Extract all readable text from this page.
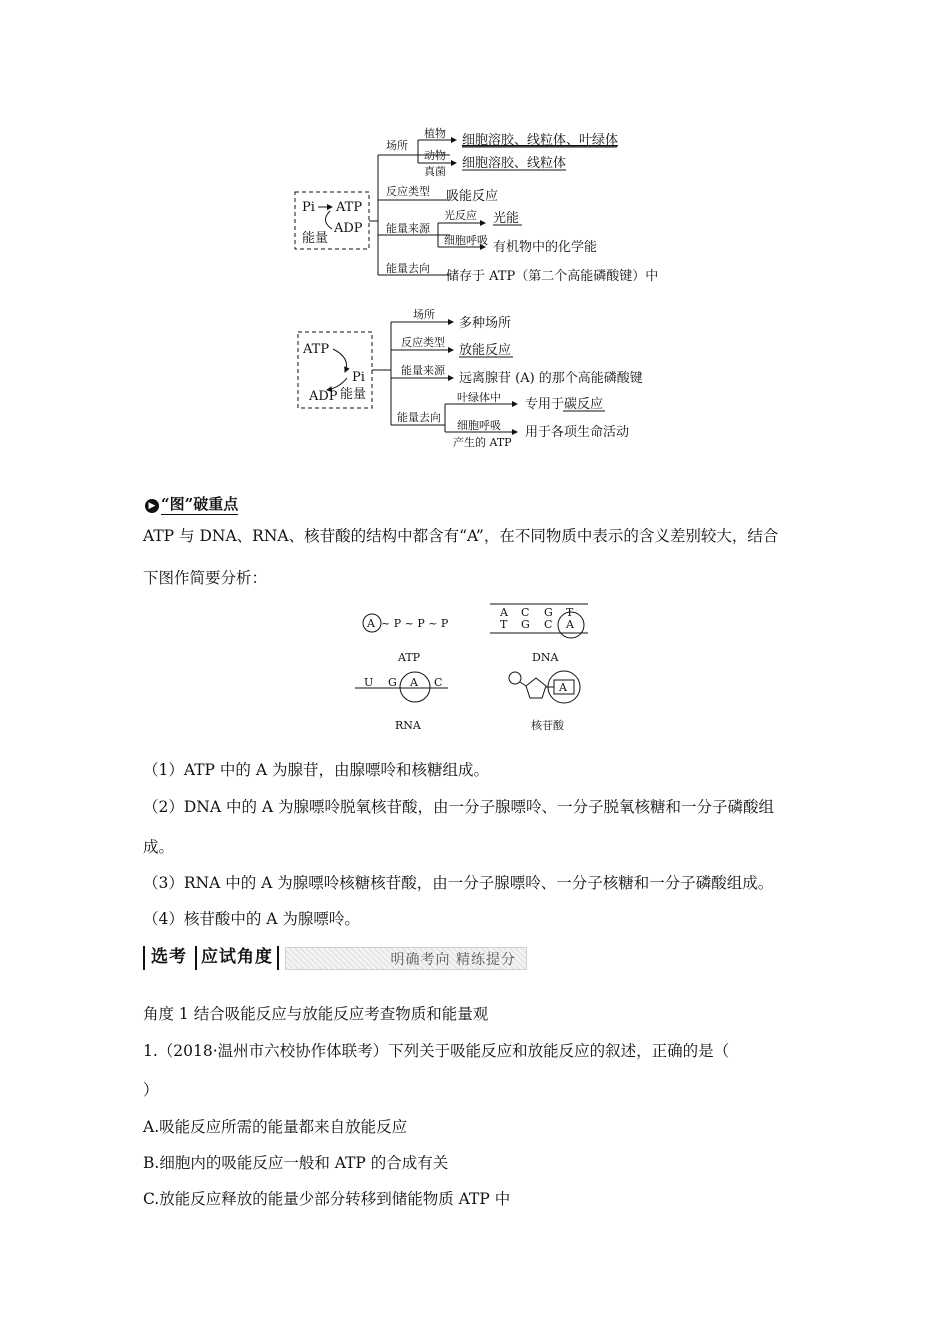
Pi ATP
能量
ADP
场所
植物
动物
真菌
细胞溶胶、线粒体、叶绿体
细胞溶胶、线粒体
反应类型 吸能反应
能量来源
光反应
细胞呼吸
光能
有机物中的化学能
能量去向
储存于 ATP（第二个高能磷酸键）中
ATP
Pi
ADP 能量
场所
多种场所
反应类型
放能反应
能量来源
远离腺苷 (A) 的那个高能磷酸键
能量去向
叶绿体中
细胞呼吸
产生的 ATP
专用于碳反应
用于各项生命活动
▶ “图”破重点
ATP 与 DNA、RNA、核苷酸的结构中都含有“A”，在不同物质中表示的含义差别较大，结合
下图作简要分析：
A ~ P ~ P ~ P
ATP
A C G T
T G C A
DNA
U G A C
RNA
A
核苷酸
（1）ATP 中的 A 为腺苷，由腺嘌呤和核糖组成。
（2）DNA 中的 A 为腺嘌呤脱氧核苷酸，由一分子腺嘌呤、一分子脱氧核糖和一分子磷酸组
成。
（3）RNA 中的 A 为腺嘌呤核糖核苷酸，由一分子腺嘌呤、一分子核糖和一分子磷酸组成。
（4）核苷酸中的 A 为腺嘌呤。
选考 应试角度	明确考向 精练提分
角度 1 结合吸能反应与放能反应考查物质和能量观
1.（2018·温州市六校协作体联考）下列关于吸能反应和放能反应的叙述，正确的是（
）
A.吸能反应所需的能量都来自放能反应
B.细胞内的吸能反应一般和 ATP 的合成有关
C.放能反应释放的能量少部分转移到储能物质 ATP 中
